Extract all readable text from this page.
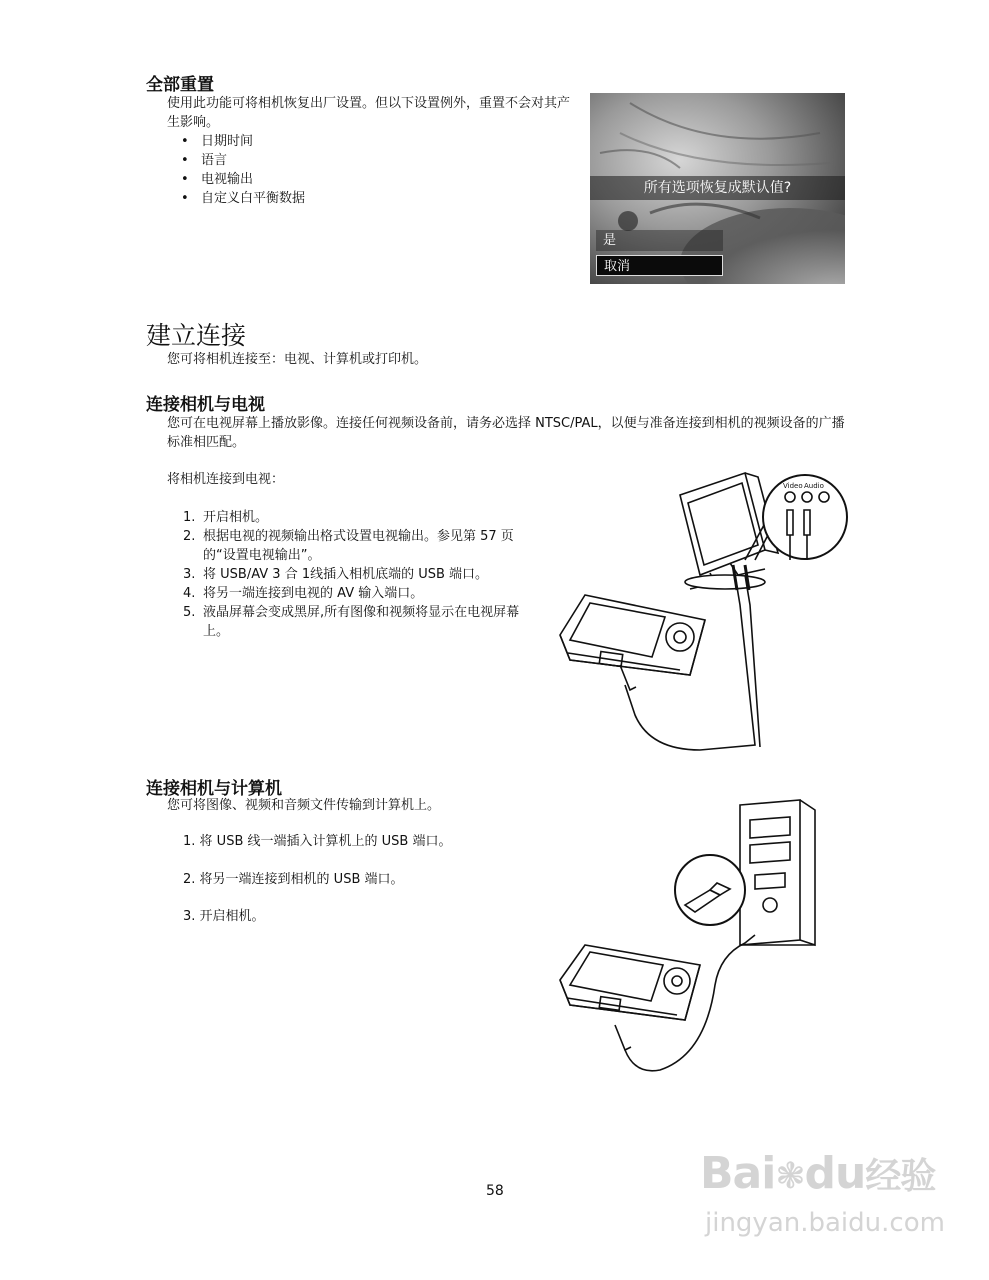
全部重置
使用此功能可将相机恢复出厂设置。但以下设置例外，重置不会对其产生影响。
• 日期时间
• 语言
• 电视输出
• 自定义白平衡数据
所有选项恢复成默认值?
是
取消
建立连接
您可将相机连接至：电视、计算机或打印机。
连接相机与电视
您可在电视屏幕上播放影像。连接任何视频设备前，请务必选择 NTSC/PAL，以便与准备连接到相机的视频设备的广播标准相匹配。
将相机连接到电视：
1. 开启相机。
2. 根据电视的视频输出格式设置电视输出。参见第 57 页的“设置电视输出”。
3. 将 USB/AV 3 合 1线插入相机底端的 USB 端口。
4. 将另一端连接到电视的 AV 输入端口。
5. 液晶屏幕会变成黑屏,所有图像和视频将显示在电视屏幕上。
Video Audio
连接相机与计算机
您可将图像、视频和音频文件传输到计算机上。
1. 将 USB 线一端插入计算机上的 USB 端口。
2. 将另一端连接到相机的 USB 端口。
3. 开启相机。
58	Bai❃du经验
jingyan.baidu.com
